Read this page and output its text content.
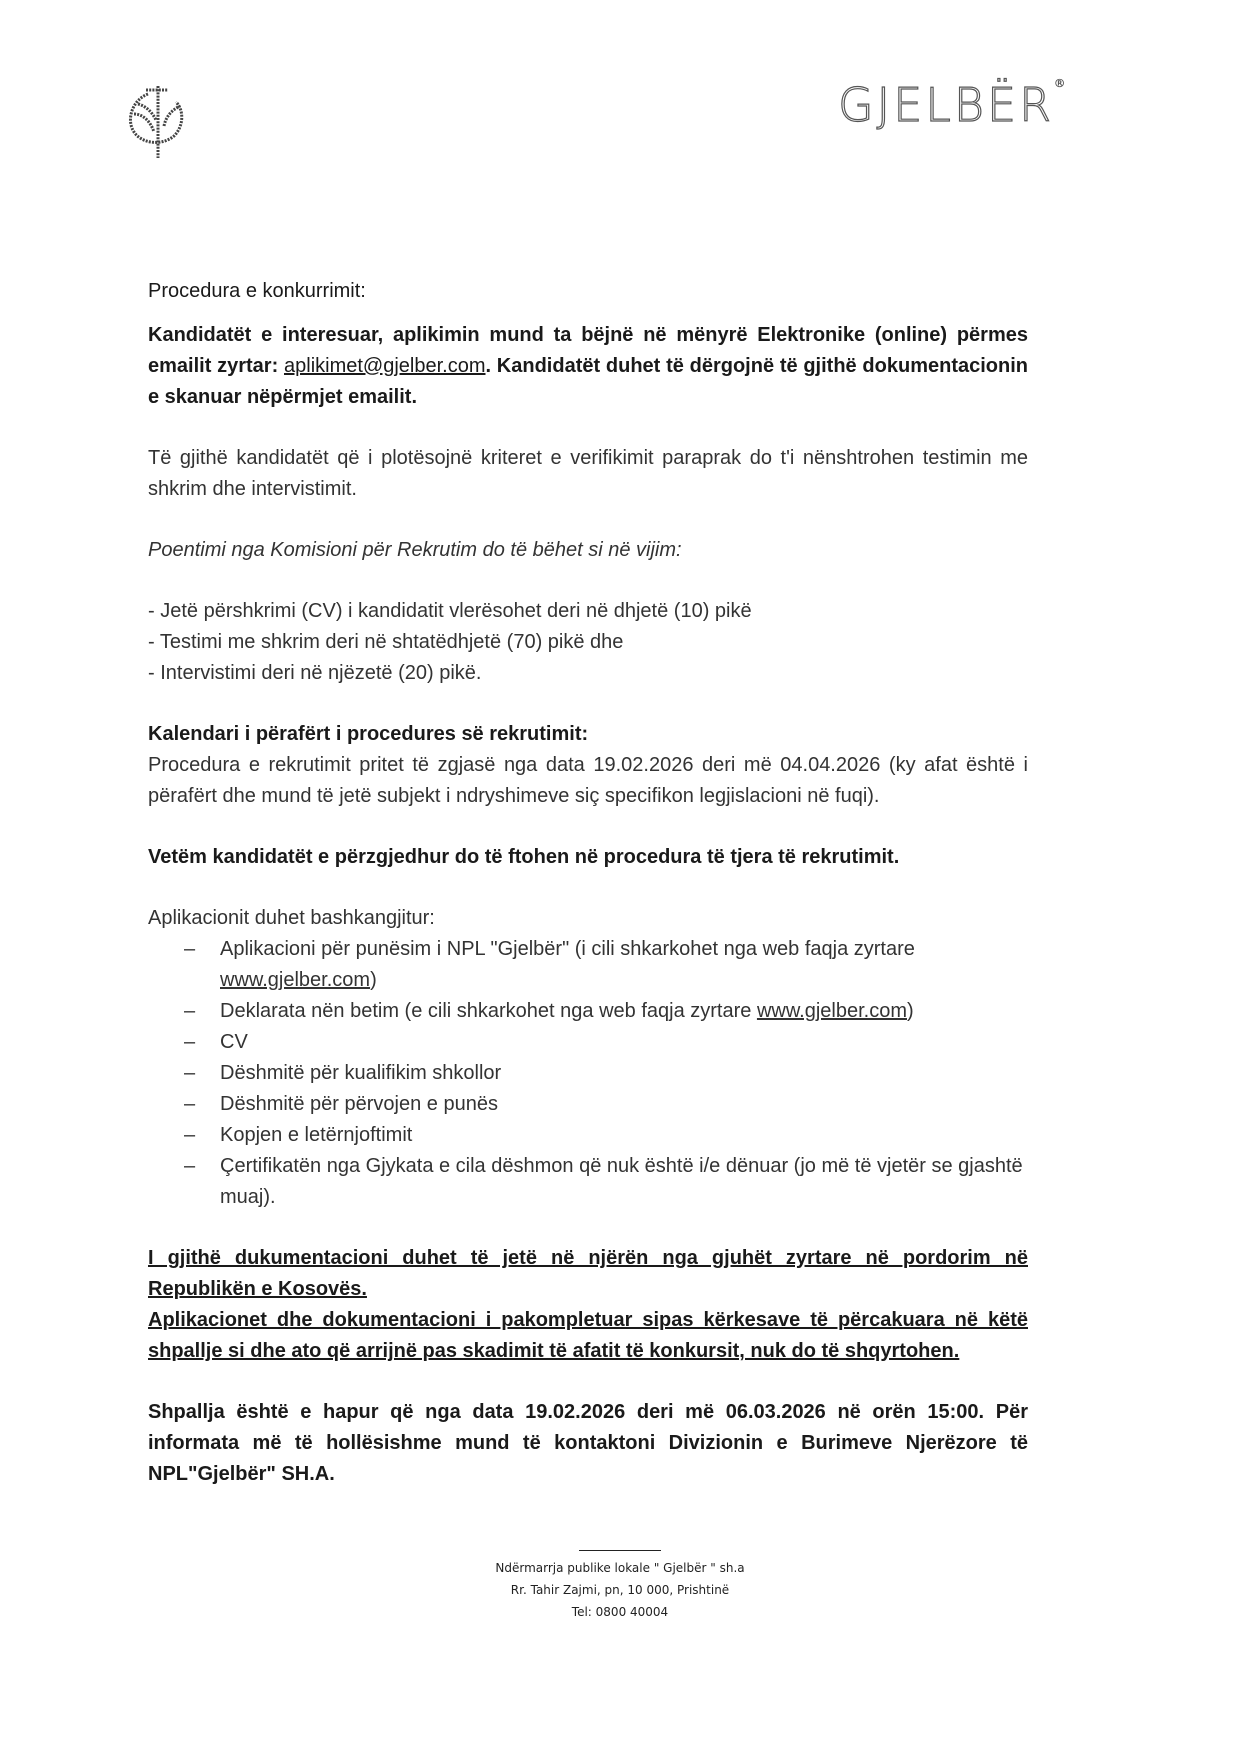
GJELBËR ®

Procedura e konkurrimit:

Kandidatët e interesuar, aplikimin mund ta bëjnë në mënyrë Elektronike (online) përmes emailit zyrtar: aplikimet@gjelber.com. Kandidatët duhet të dërgojnë të gjithë dokumentacionin e skanuar nëpërmjet emailit.

Të gjithë kandidatët që i plotësojnë kriteret e verifikimit paraprak do t'i nënshtrohen testimin me shkrim dhe intervistimit.

Poentimi nga Komisioni për Rekrutim do të bëhet si në vijim:

- Jetë përshkrimi (CV) i kandidatit vlerësohet deri në dhjetë (10) pikë
- Testimi me shkrim deri në shtatëdhjetë (70) pikë dhe
- Intervistimi deri në njëzetë (20) pikë.

Kalendari i përafërt i procedures së rekrutimit:

Procedura e rekrutimit pritet të zgjasë nga data 19.02.2026 deri më 04.04.2026 (ky afat është i përafërt dhe mund të jetë subjekt i ndryshimeve siç specifikon legjislacioni në fuqi).

Vetëm kandidatët e përzgjedhur do të ftohen në procedura të tjera të rekrutimit.

Aplikacionit duhet bashkangjitur:

– Aplikacioni për punësim i NPL "Gjelbër" (i cili shkarkohet nga web faqja zyrtare www.gjelber.com)
– Deklarata nën betim (e cili shkarkohet nga web faqja zyrtare www.gjelber.com)
– CV
– Dëshmitë për kualifikim shkollor
– Dëshmitë për përvojen e punës
– Kopjen e letërnjoftimit
– Çertifikatën nga Gjykata e cila dëshmon që nuk është i/e dënuar (jo më të vjetër se gjashtë muaj).

I gjithë dukumentacioni duhet të jetë në njërën nga gjuhët zyrtare në pordorim në Republikën e Kosovës.

Aplikacionet dhe dokumentacioni i pakompletuar sipas kërkesave të përcakuara në këtë shpallje si dhe ato që arrijnë pas skadimit të afatit të konkursit, nuk do të shqyrtohen.

Shpallja është e hapur që nga data 19.02.2026 deri më 06.03.2026 në orën 15:00. Për informata më të hollësishme mund të kontaktoni Divizionin e Burimeve Njerëzore të NPL"Gjelbër" SH.A.

Ndërmarrja publike lokale " Gjelbër " sh.a
Rr. Tahir Zajmi, pn, 10 000, Prishtinë
Tel: 0800 40004
